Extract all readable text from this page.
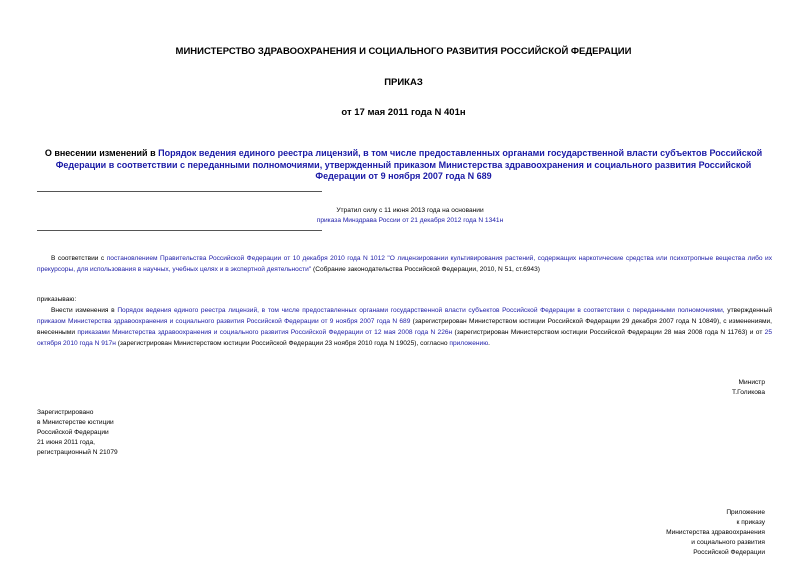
МИНИСТЕРСТВО ЗДРАВООХРАНЕНИЯ И СОЦИАЛЬНОГО РАЗВИТИЯ РОССИЙСКОЙ ФЕДЕРАЦИИ
ПРИКАЗ
от 17 мая 2011 года N 401н
О внесении изменений в Порядок ведения единого реестра лицензий, в том числе предоставленных органами государственной власти субъектов Российской Федерации в соответствии с переданными полномочиями, утвержденный приказом Министерства здравоохранения и социального развития Российской Федерации от 9 ноября 2007 года N 689
Утратил силу с 11 июня 2013 года на основании
приказа Минздрава России от 21 декабря 2012 года N 1341н
В соответствии с постановлением Правительства Российской Федерации от 10 декабря 2010 года N 1012 "О лицензировании культивирования растений, содержащих наркотические средства или психотропные вещества либо их прекурсоры, для использования в научных, учебных целях и в экспертной деятельности" (Собрание законодательства Российской Федерации, 2010, N 51, ст.6943)
приказываю:
Внести изменения в Порядок ведения единого реестра лицензий, в том числе предоставленных органами государственной власти субъектов Российской Федерации в соответствии с переданными полномочиями, утвержденный приказом Министерства здравоохранения и социального развития Российской Федерации от 9 ноября 2007 года N 689 (зарегистрирован Министерством юстиции Российской Федерации 29 декабря 2007 года N 10849), с изменениями, внесенными приказами Министерства здравоохранения и социального развития Российской Федерации от 12 мая 2008 года N 226н (зарегистрирован Министерством юстиции Российской Федерации 28 мая 2008 года N 11763) и от 25 октября 2010 года N 917н (зарегистрирован Министерством юстиции Российской Федерации 23 ноября 2010 года N 19025), согласно приложению.
Министр
Т.Голикова
Зарегистрировано
в Министерстве юстиции
Российской Федерации
21 июня 2011 года,
регистрационный N 21079
Приложение
к приказу
Министерства здравоохранения
и социального развития
Российской Федерации
